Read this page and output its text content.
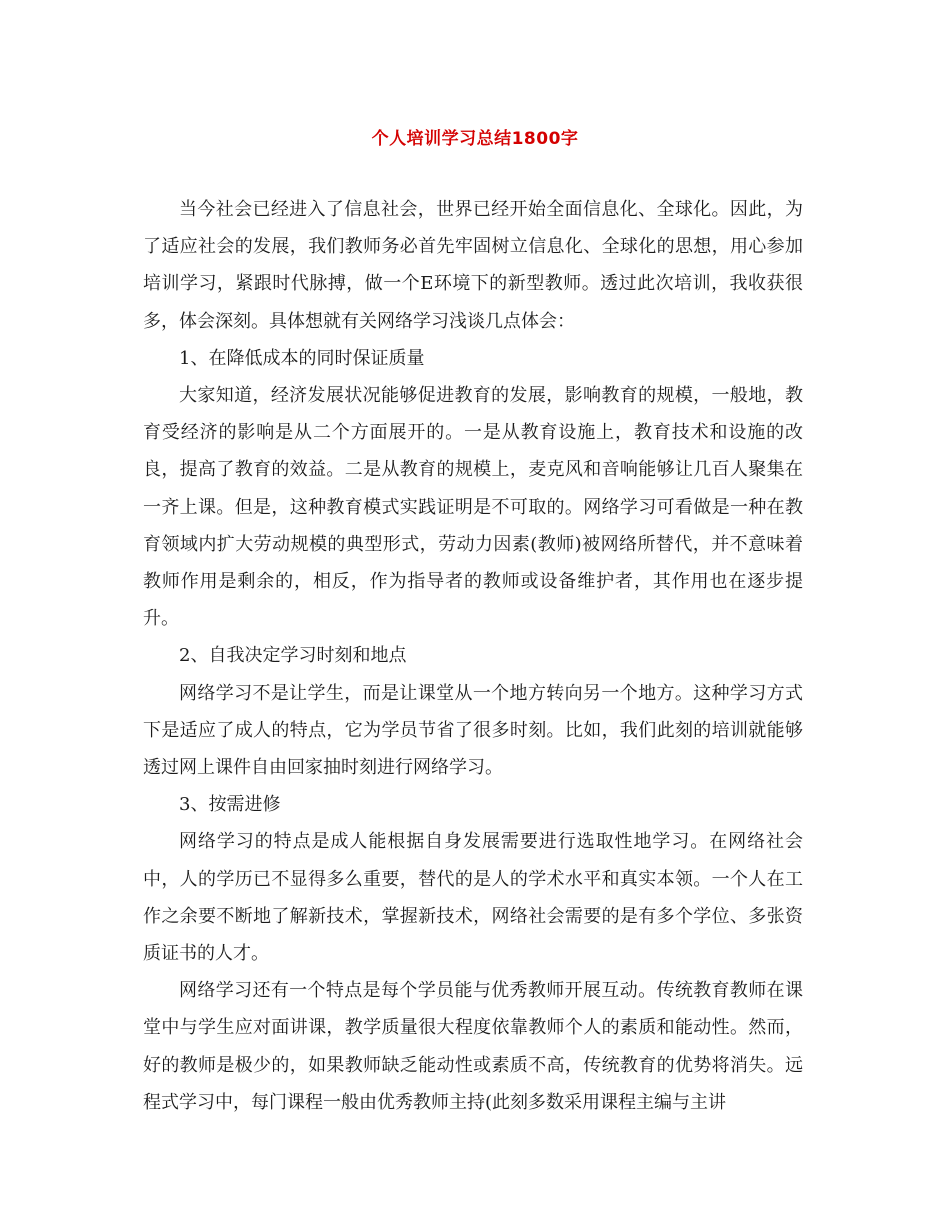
个人培训学习总结1800字

当今社会已经进入了信息社会，世界已经开始全面信息化、全球化。因此，为了适应社会的发展，我们教师务必首先牢固树立信息化、全球化的思想，用心参加培训学习，紧跟时代脉搏，做一个E环境下的新型教师。透过此次培训，我收获很多，体会深刻。具体想就有关网络学习浅谈几点体会：

1、在降低成本的同时保证质量

大家知道，经济发展状况能够促进教育的发展，影响教育的规模，一般地，教育受经济的影响是从二个方面展开的。一是从教育设施上，教育技术和设施的改良，提高了教育的效益。二是从教育的规模上，麦克风和音响能够让几百人聚集在一齐上课。但是，这种教育模式实践证明是不可取的。网络学习可看做是一种在教育领域内扩大劳动规模的典型形式，劳动力因素(教师)被网络所替代，并不意味着教师作用是剩余的，相反，作为指导者的教师或设备维护者，其作用也在逐步提升。

2、自我决定学习时刻和地点

网络学习不是让学生，而是让课堂从一个地方转向另一个地方。这种学习方式下是适应了成人的特点，它为学员节省了很多时刻。比如，我们此刻的培训就能够透过网上课件自由回家抽时刻进行网络学习。

3、按需进修

网络学习的特点是成人能根据自身发展需要进行选取性地学习。在网络社会中，人的学历已不显得多么重要，替代的是人的学术水平和真实本领。一个人在工作之余要不断地了解新技术，掌握新技术，网络社会需要的是有多个学位、多张资质证书的人才。

网络学习还有一个特点是每个学员能与优秀教师开展互动。传统教育教师在课堂中与学生应对面讲课，教学质量很大程度依靠教师个人的素质和能动性。然而，好的教师是极少的，如果教师缺乏能动性或素质不高，传统教育的优势将消失。远程式学习中，每门课程一般由优秀教师主持(此刻多数采用课程主编与主讲
